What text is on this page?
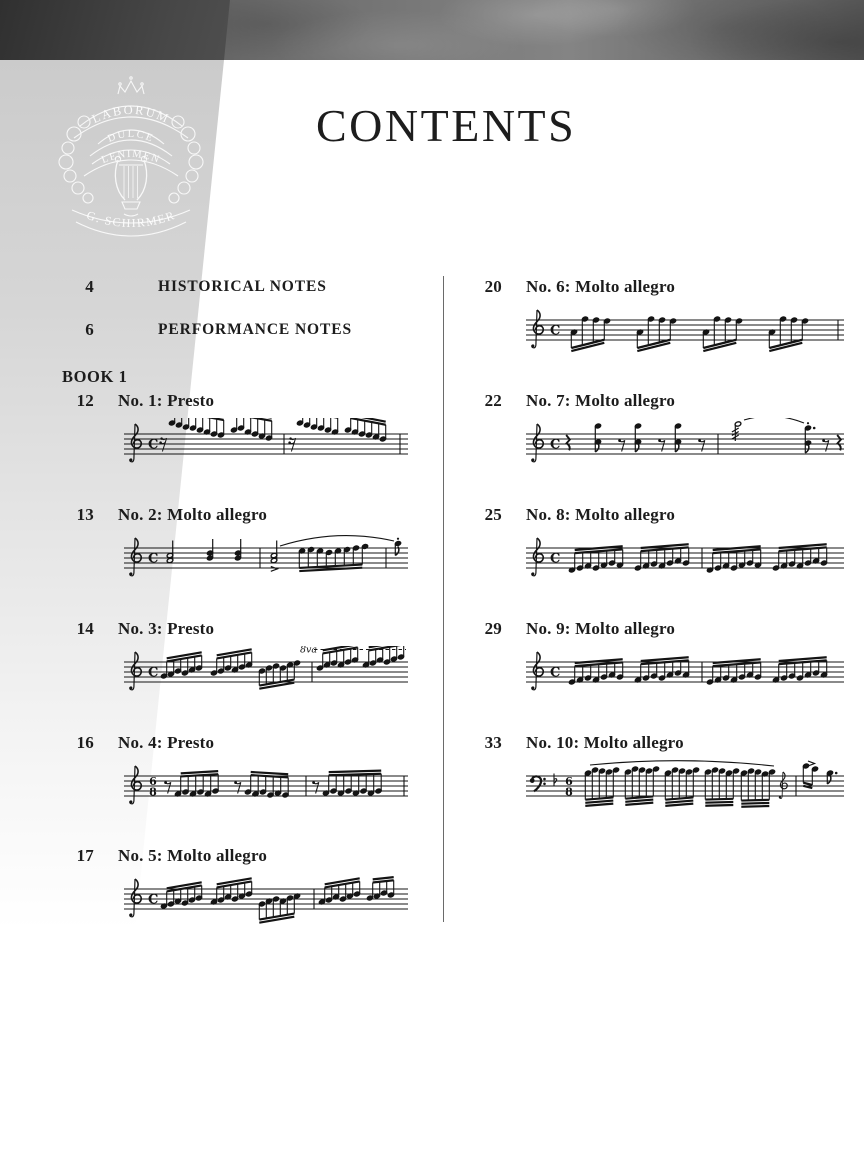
LABORUM
DULCE
LENIMEN
G. SCHIRMER
CONTENTS
BOOK 1
4	HISTORICAL NOTES
6	PERFORMANCE NOTES
12 No. 1: Presto
C
13 No. 2: Molto allegro
C
14 No. 3: Presto
C
8va
16 No. 4: Presto
6
8
17 No. 5: Molto allegro
C
20 No. 6: Molto allegro
C
22 No. 7: Molto allegro
C
25 No. 8: Molto allegro
C
29 No. 9: Molto allegro
C
33 No. 10: Molto allegro
6
8
